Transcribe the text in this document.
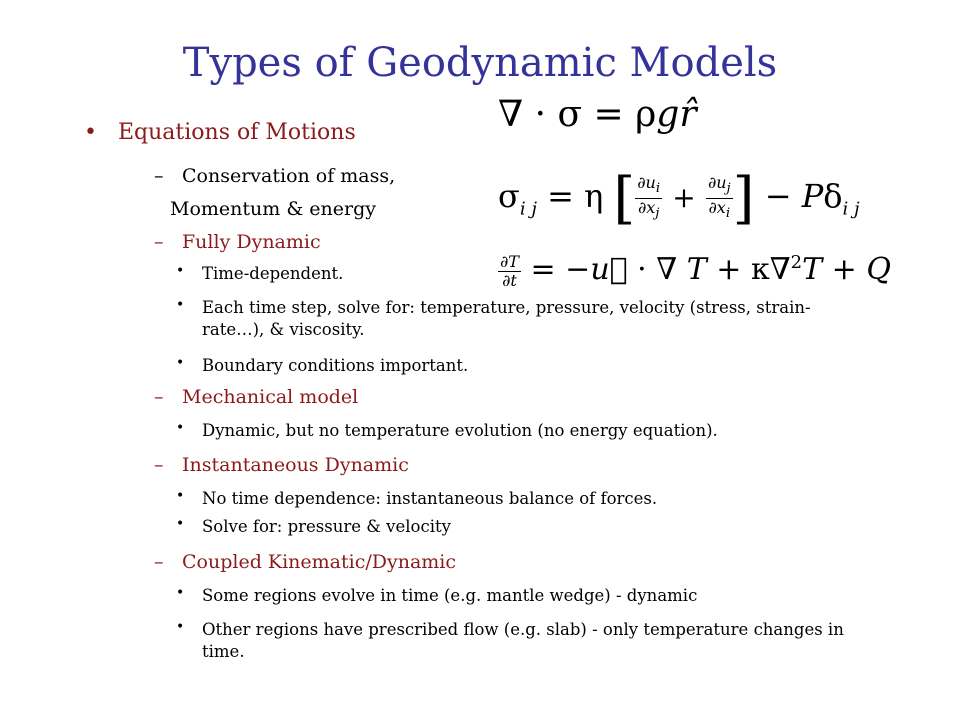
Types of Geodynamic Models
∇ · σ = ρgr̂
$\sigma_{i j} = \eta$ [ $\frac{\partial u_i}{\partial x_j} + \frac{\partial u_j}{\partial x_i}$ ] − $P\delta_{i j}$
$\frac{\partial T}{\partial t}$ = −u⃗ · ∇ T + κ∇$^2$T + Q
• Equations of Motions
– Conservation of mass,
Momentum & energy
– Fully Dynamic
• Time-dependent.
• Each time step, solve for: temperature, pressure, velocity (stress, strain-rate…), & viscosity.
• Boundary conditions important.
– Mechanical model
• Dynamic, but no temperature evolution (no energy equation).
– Instantaneous Dynamic
• No time dependence: instantaneous balance of forces.
• Solve for: pressure & velocity
– Coupled Kinematic/Dynamic
• Some regions evolve in time (e.g. mantle wedge) - dynamic
• Other regions have prescribed flow (e.g. slab) - only temperature changes in time.
